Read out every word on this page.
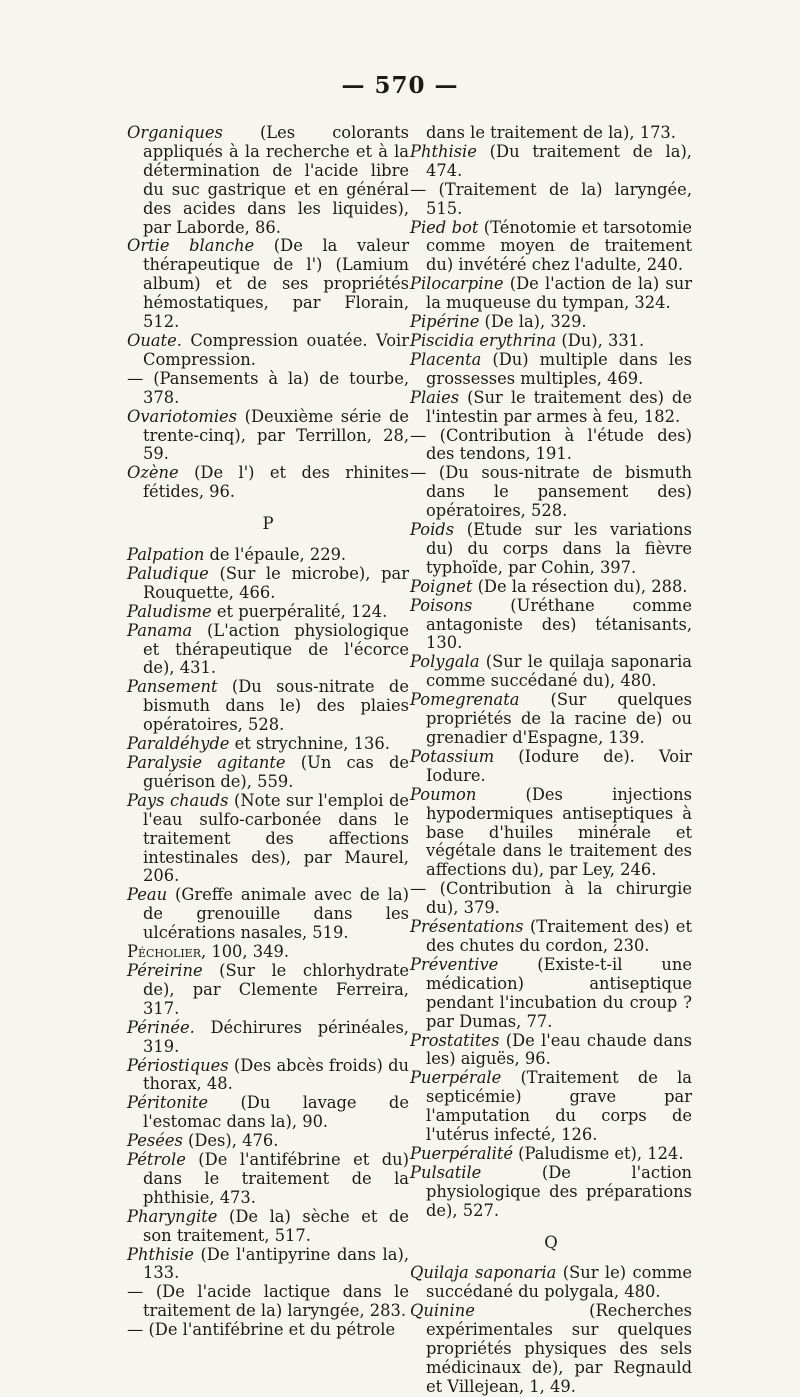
— 570 —

Organiques (Les colorants appliqués à la recherche et à la détermination de l'acide libre du suc gastrique et en général des acides dans les liquides), par Laborde, 86.

Ortie blanche (De la valeur thérapeutique de l') (Lamium album) et de ses propriétés hémostatiques, par Florain, 512.

Ouate. Compression ouatée. Voir Compression.

— (Pansements à la) de tourbe, 378.

Ovariotomies (Deuxième série de trente-cinq), par Terrillon, 28, 59.

Ozène (De l') et des rhinites fétides, 96.

P

Palpation de l'épaule, 229.

Paludique (Sur le microbe), par Rouquette, 466.

Paludisme et puerpéralité, 124.

Panama (L'action physiologique et thérapeutique de l'écorce de), 431.

Pansement (Du sous-nitrate de bismuth dans le) des plaies opératoires, 528.

Paraldéhyde et strychnine, 136.

Paralysie agitante (Un cas de guérison de), 559.

Pays chauds (Note sur l'emploi de l'eau sulfo-carbonée dans le traitement des affections intestinales des), par Maurel, 206.

Peau (Greffe animale avec de la) de grenouille dans les ulcérations nasales, 519.

Pécholier, 100, 349.

Péreirine (Sur le chlorhydrate de), par Clemente Ferreira, 317.

Périnée. Déchirures périnéales, 319.

Périostiques (Des abcès froids) du thorax, 48.

Péritonite (Du lavage de l'estomac dans la), 90.

Pesées (Des), 476.

Pétrole (De l'antifébrine et du) dans le traitement de la phthisie, 473.

Pharyngite (De la) sèche et de son traitement, 517.

Phthisie (De l'antipyrine dans la), 133.

— (De l'acide lactique dans le traitement de la) laryngée, 283.

— (De l'antifébrine et du pétrole

dans le traitement de la), 173.

Phthisie (Du traitement de la), 474.

— (Traitement de la) laryngée, 515.

Pied bot (Ténotomie et tarsotomie comme moyen de traitement du) invétéré chez l'adulte, 240.

Pilocarpine (De l'action de la) sur la muqueuse du tympan, 324.

Pipérine (De la), 329.

Piscidia erythrina (Du), 331.

Placenta (Du) multiple dans les grossesses multiples, 469.

Plaies (Sur le traitement des) de l'intestin par armes à feu, 182.

— (Contribution à l'étude des) des tendons, 191.

— (Du sous-nitrate de bismuth dans le pansement des) opératoires, 528.

Poids (Etude sur les variations du) du corps dans la fièvre typhoïde, par Cohin, 397.

Poignet (De la résection du), 288.

Poisons (Uréthane comme antagoniste des) tétanisants, 130.

Polygala (Sur le quilaja saponaria comme succédané du), 480.

Pomegrenata (Sur quelques propriétés de la racine de) ou grenadier d'Espagne, 139.

Potassium (Iodure de). Voir Iodure.

Poumon (Des injections hypodermiques antiseptiques à base d'huiles minérale et végétale dans le traitement des affections du), par Ley, 246.

— (Contribution à la chirurgie du), 379.

Présentations (Traitement des) et des chutes du cordon, 230.

Préventive (Existe-t-il une médication) antiseptique pendant l'incubation du croup ? par Dumas, 77.

Prostatites (De l'eau chaude dans les) aiguës, 96.

Puerpérale (Traitement de la septicémie) grave par l'amputation du corps de l'utérus infecté, 126.

Puerpéralité (Paludisme et), 124.

Pulsatile (De l'action physiologique des préparations de), 527.

Q

Quilaja saponaria (Sur le) comme succédané du polygala, 480.

Quinine (Recherches expérimentales sur quelques propriétés physiques des sels médicinaux de), par Regnauld et Villejean, 1, 49.
